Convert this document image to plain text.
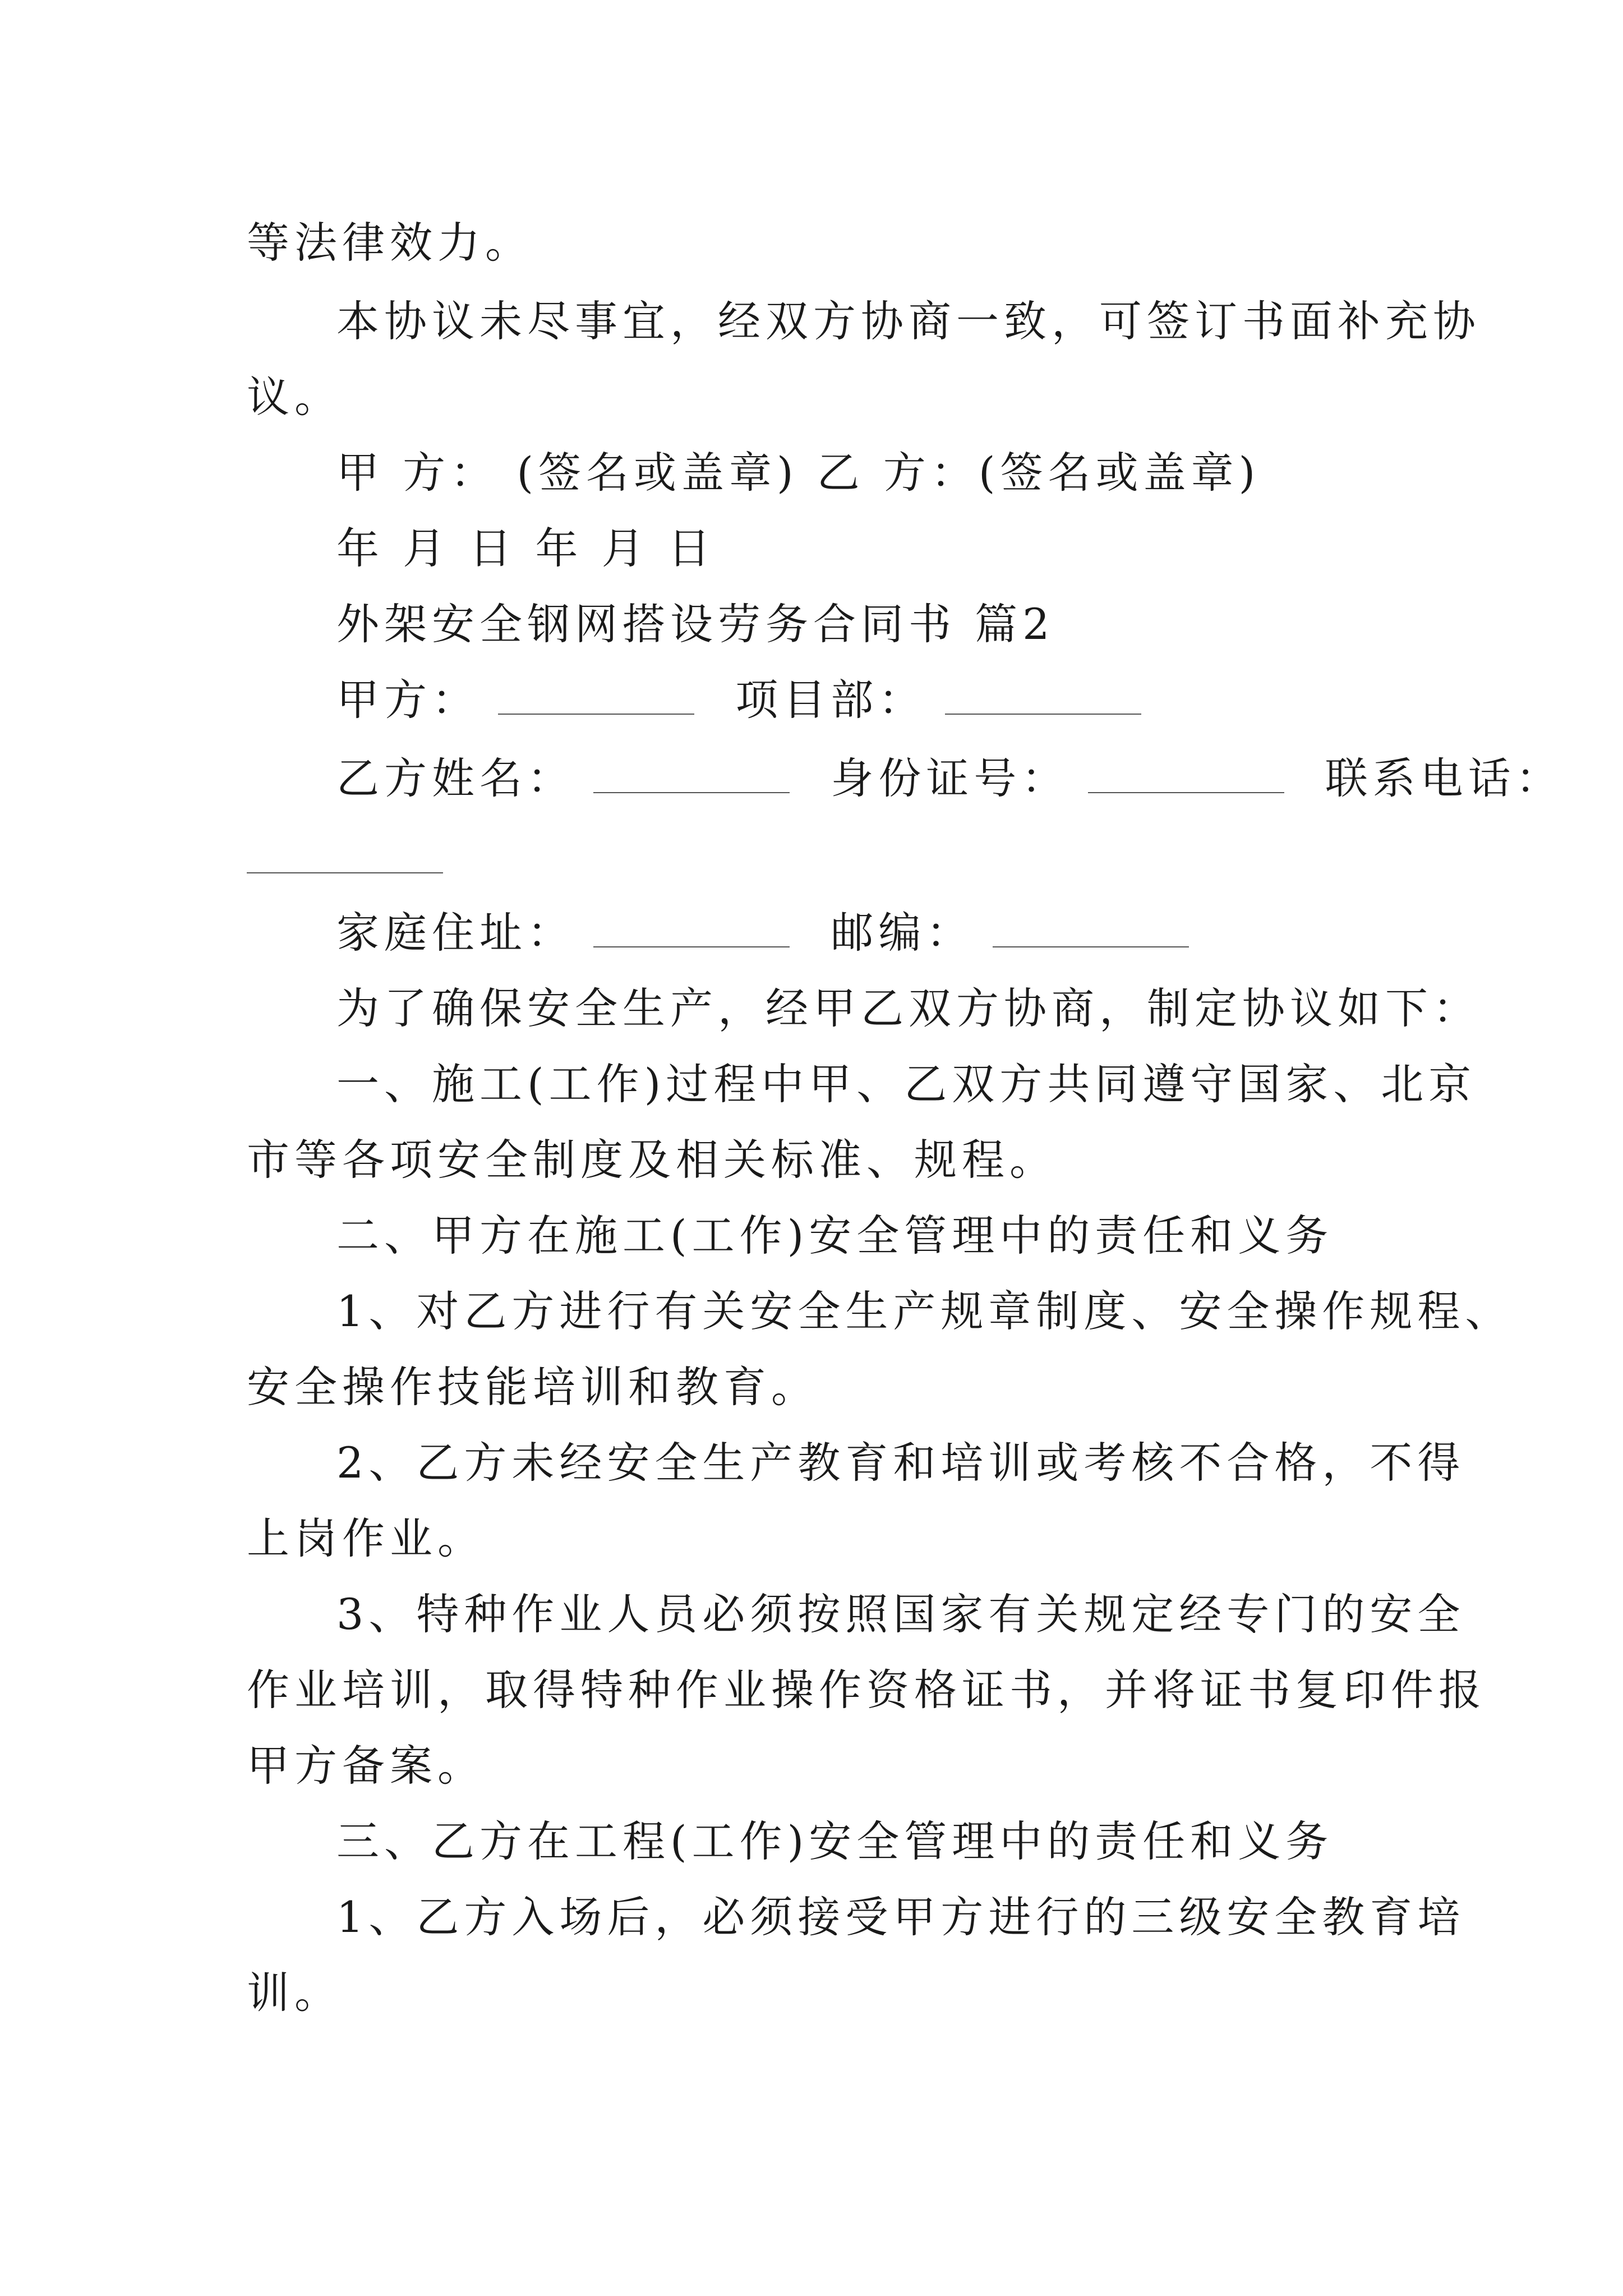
等法律效力。
本协议未尽事宜，经双方协商一致，可签订书面补充协
议。
甲 方： (签名或盖章) 乙 方：(签名或盖章)
年 月 日 年 月 日
外架安全钢网搭设劳务合同书 篇2
甲方：	项目部：
乙方姓名：	身份证号：	联系电话：
家庭住址：	邮编：
为了确保安全生产，经甲乙双方协商，制定协议如下：
一、施工(工作)过程中甲、乙双方共同遵守国家、北京
市等各项安全制度及相关标准、规程。
二、甲方在施工(工作)安全管理中的责任和义务
1、对乙方进行有关安全生产规章制度、安全操作规程、
安全操作技能培训和教育。
2、乙方未经安全生产教育和培训或考核不合格，不得
上岗作业。
3、特种作业人员必须按照国家有关规定经专门的安全
作业培训，取得特种作业操作资格证书，并将证书复印件报
甲方备案。
三、乙方在工程(工作)安全管理中的责任和义务
1、乙方入场后，必须接受甲方进行的三级安全教育培
训。
